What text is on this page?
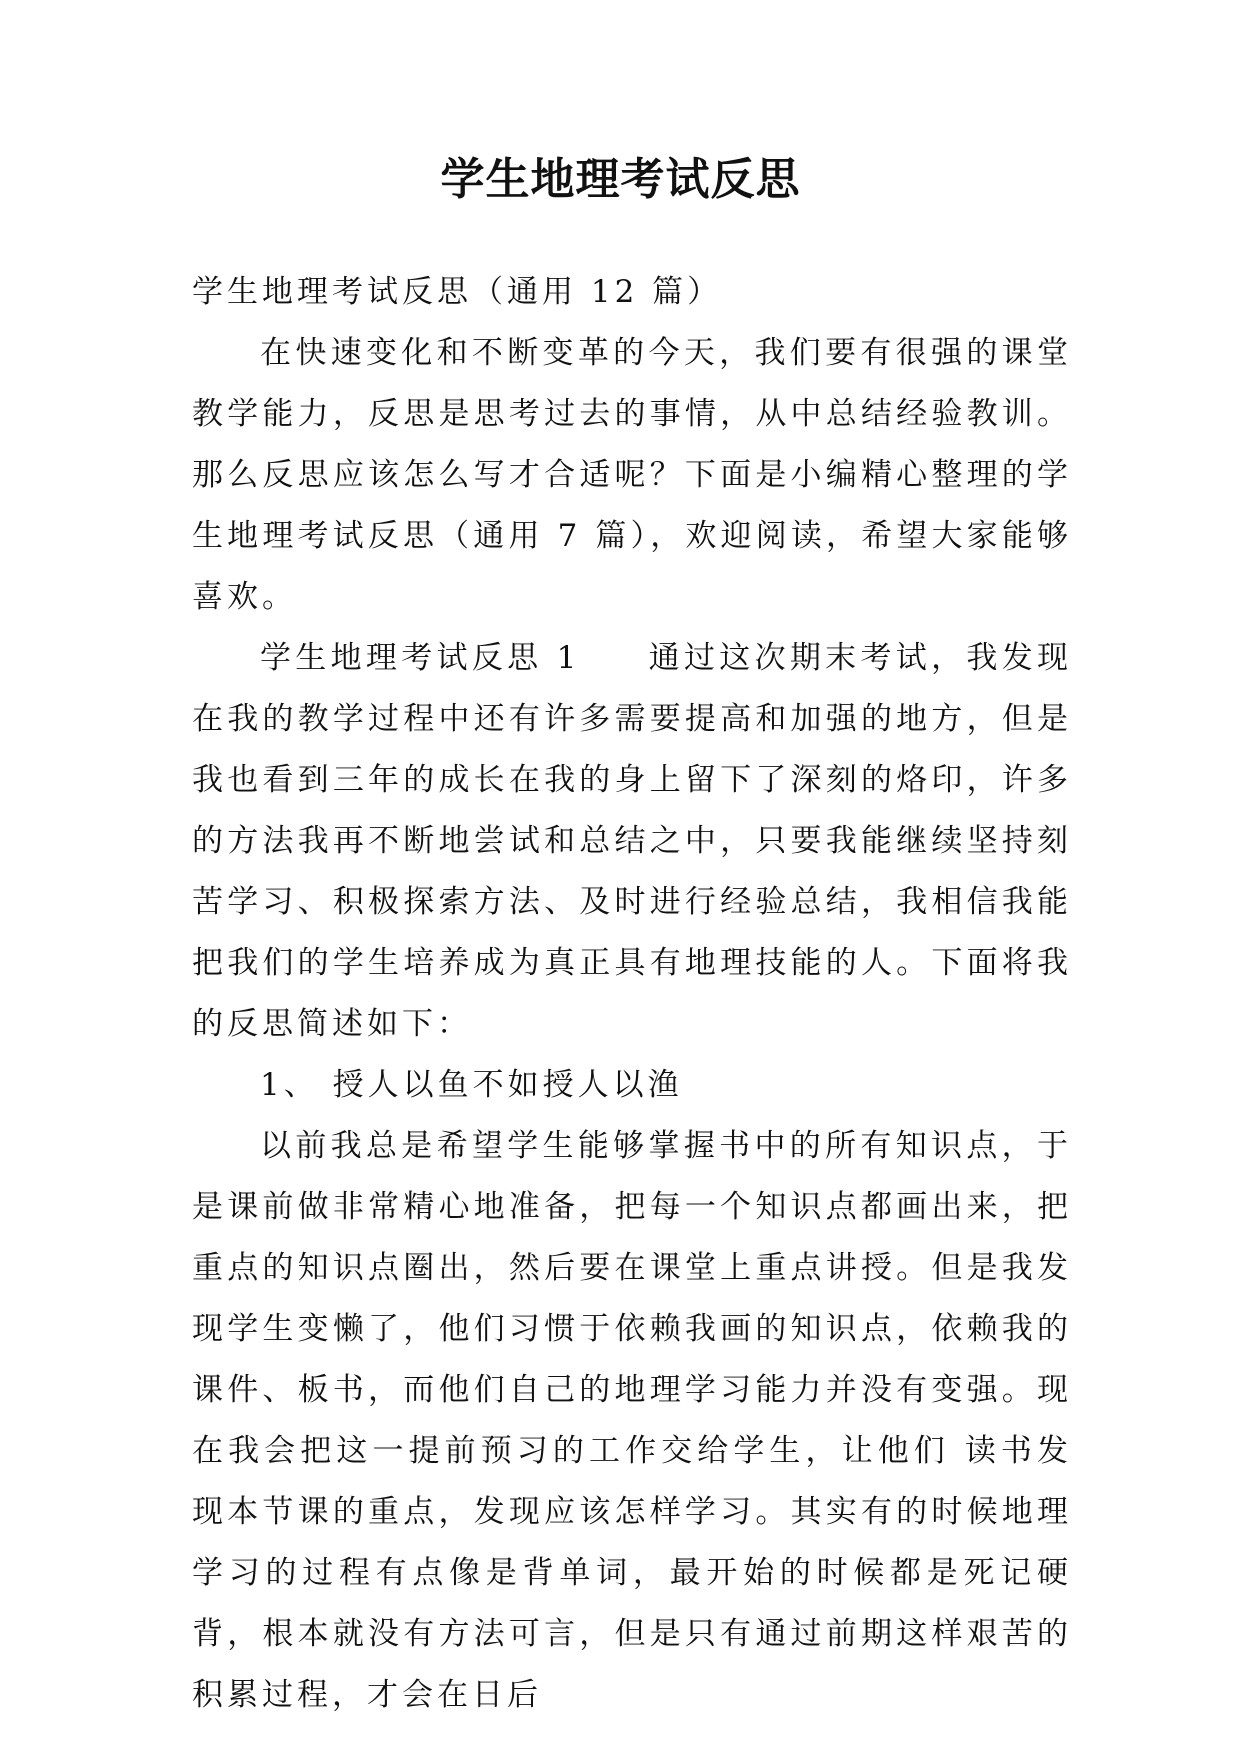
学生地理考试反思

学生地理考试反思（通用 12 篇）

在快速变化和不断变革的今天，我们要有很强的课堂教学能力，反思是思考过去的事情，从中总结经验教训。那么反思应该怎么写才合适呢？下面是小编精心整理的学生地理考试反思（通用 7 篇），欢迎阅读，希望大家能够喜欢。

学生地理考试反思 1 通过这次期末考试，我发现在我的教学过程中还有许多需要提高和加强的地方，但是我也看到三年的成长在我的身上留下了深刻的烙印，许多的方法我再不断地尝试和总结之中，只要我能继续坚持刻苦学习、积极探索方法、及时进行经验总结，我相信我能把我们的学生培养成为真正具有地理技能的人。下面将我的反思简述如下：

1、 授人以鱼不如授人以渔

以前我总是希望学生能够掌握书中的所有知识点，于是课前做非常精心地准备，把每一个知识点都画出来，把重点的知识点圈出，然后要在课堂上重点讲授。但是我发现学生变懒了，他们习惯于依赖我画的知识点，依赖我的课件、板书，而他们自己的地理学习能力并没有变强。现在我会把这一提前预习的工作交给学生，让他们 读书发现本节课的重点，发现应该怎样学习。其实有的时候地理学习的过程有点像是背单词，最开始的时候都是死记硬背，根本就没有方法可言，但是只有通过前期这样艰苦的积累过程，才会在日后
